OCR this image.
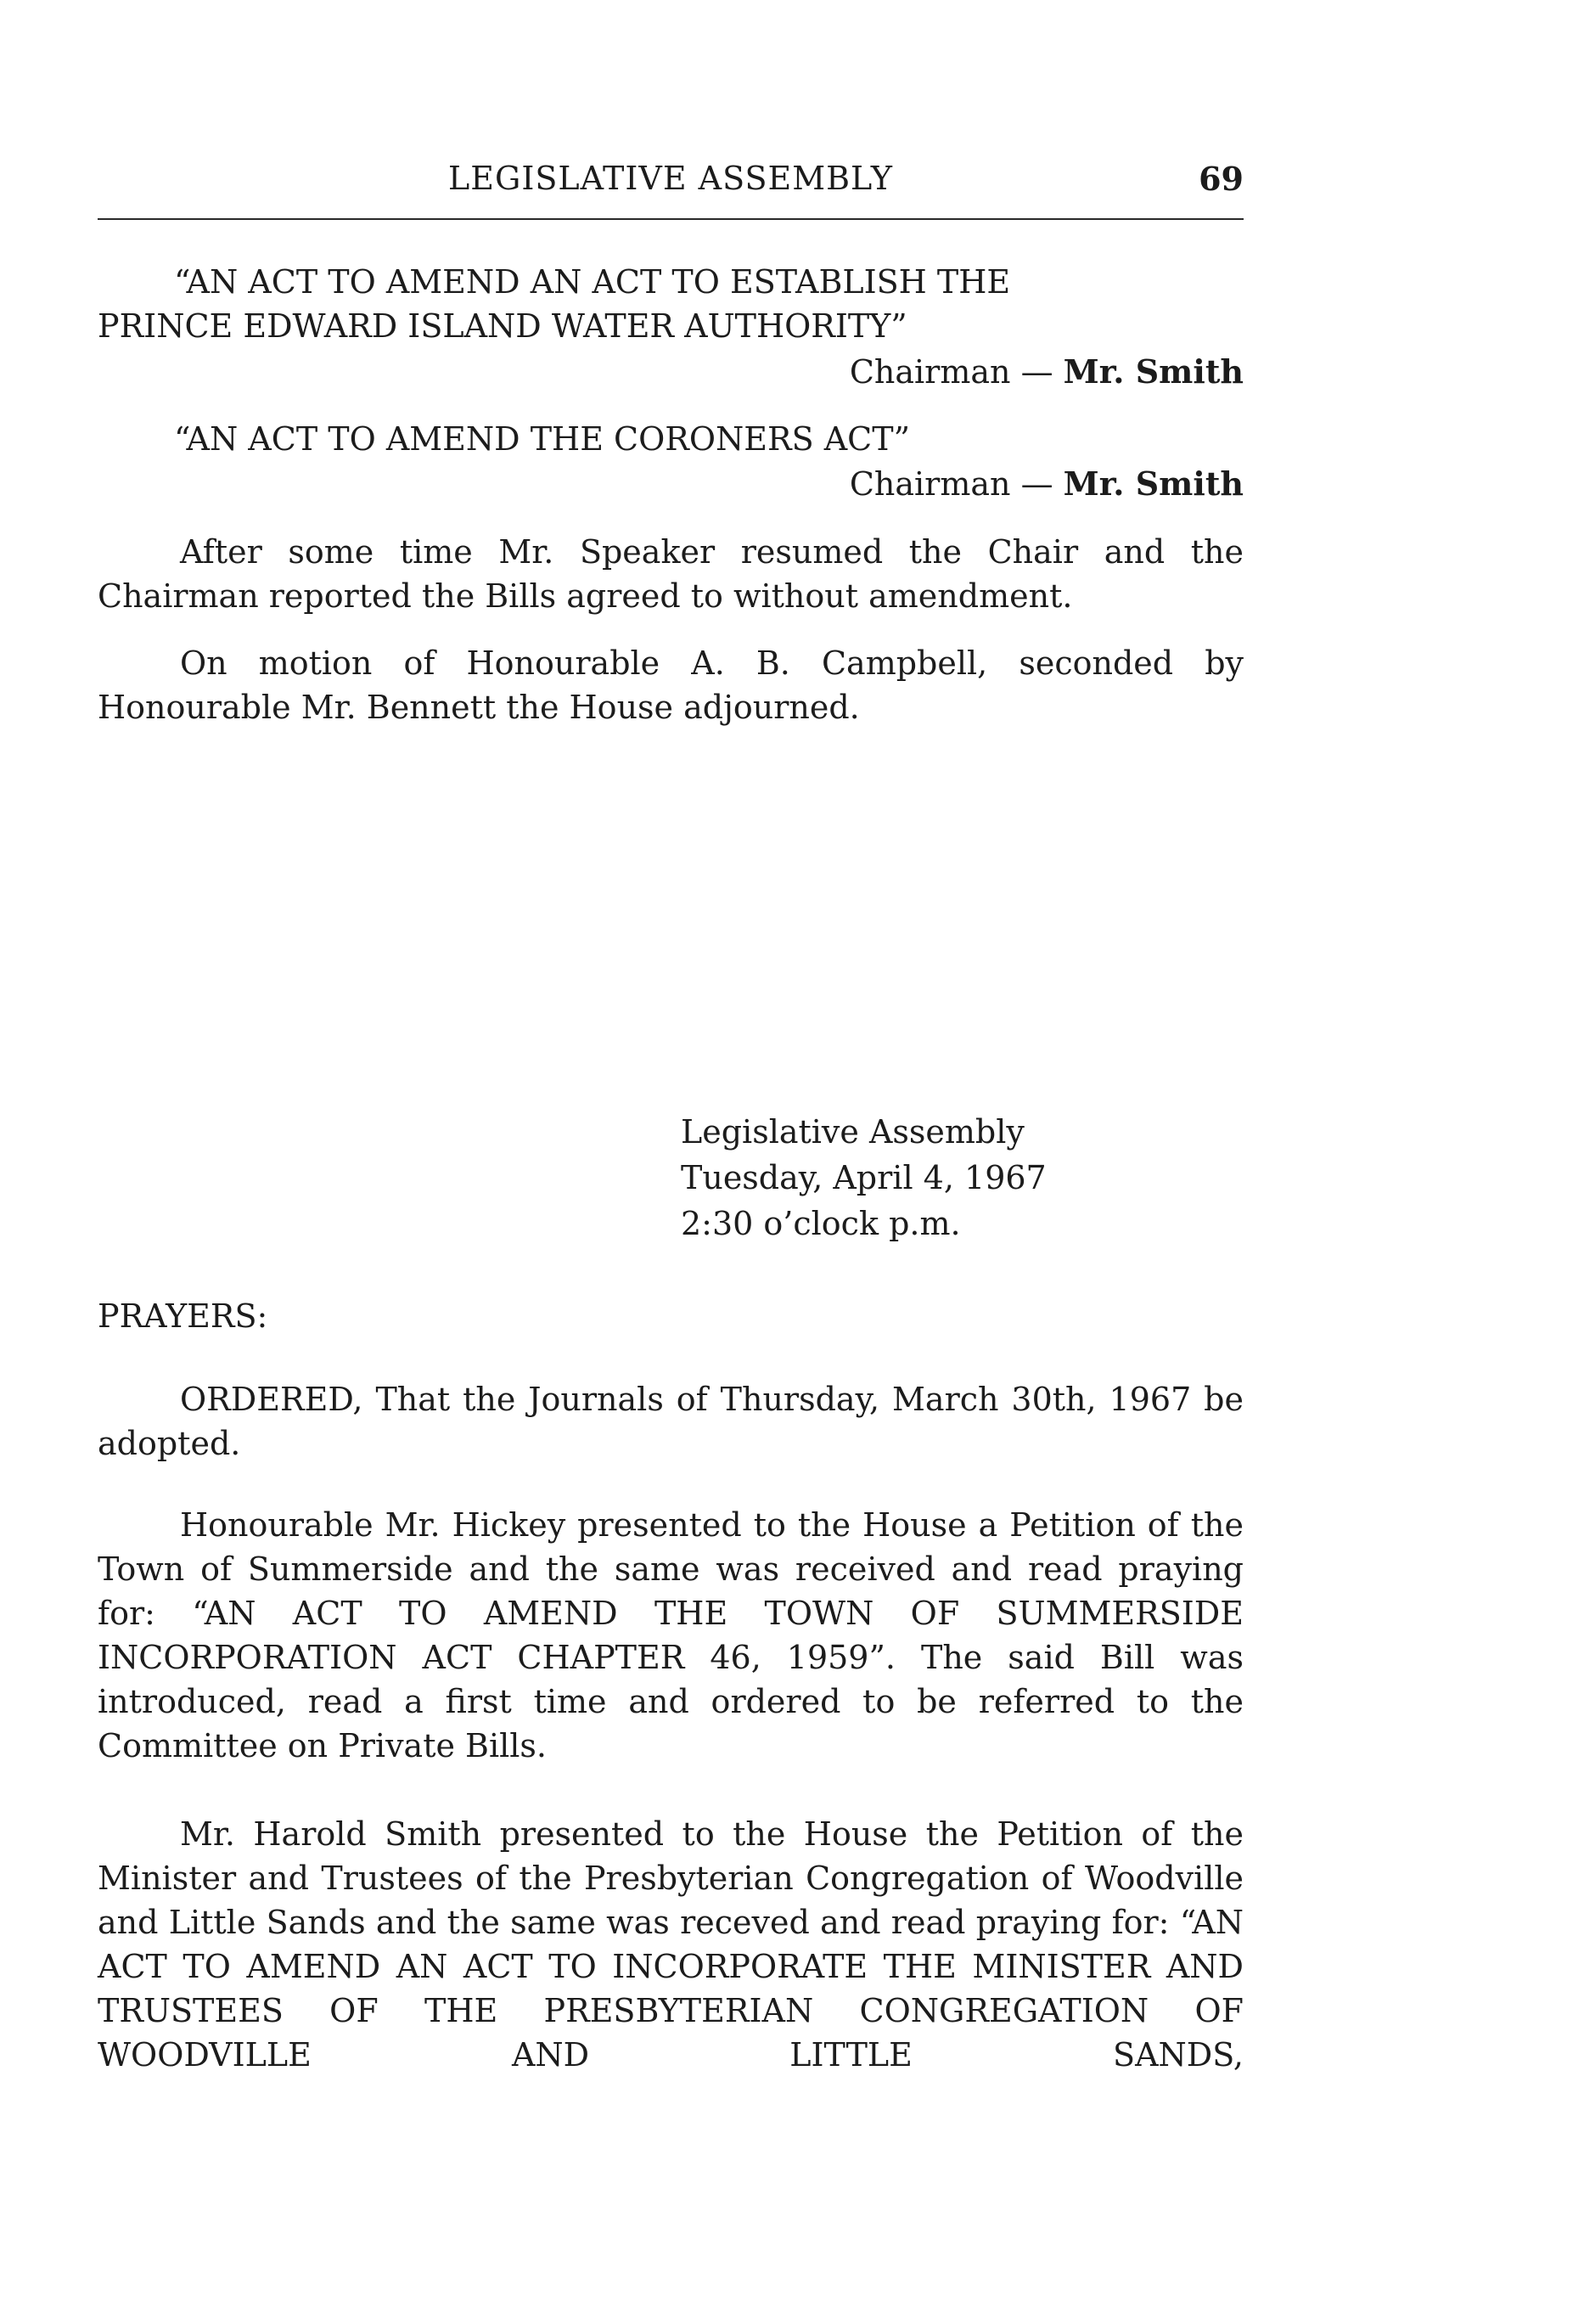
LEGISLATIVE ASSEMBLY	69
“AN ACT TO AMEND AN ACT TO ESTABLISH THE
PRINCE EDWARD ISLAND WATER AUTHORITY”
Chairman — Mr. Smith
“AN ACT TO AMEND THE CORONERS ACT”
Chairman — Mr. Smith
After some time Mr. Speaker resumed the Chair and the Chairman reported the Bills agreed to without amendment.
On motion of Honourable A. B. Campbell, seconded by Honourable Mr. Bennett the House adjourned.
Legislative Assembly
Tuesday, April 4, 1967
2:30 o’clock p.m.
PRAYERS:
ORDERED, That the Journals of Thursday, March 30th, 1967 be adopted.
Honourable Mr. Hickey presented to the House a Petition of the Town of Summerside and the same was received and read praying for: “AN ACT TO AMEND THE TOWN OF SUMMERSIDE INCORPORATION ACT CHAPTER 46, 1959”. The said Bill was introduced, read a first time and ordered to be referred to the Committee on Private Bills.
Mr. Harold Smith presented to the House the Petition of the Minister and Trustees of the Presbyterian Congregation of Woodville and Little Sands and the same was receved and read praying for: “AN ACT TO AMEND AN ACT TO INCORPORATE THE MINISTER AND TRUSTEES OF THE PRESBYTERIAN CONGREGATION OF WOODVILLE AND LITTLE SANDS,
